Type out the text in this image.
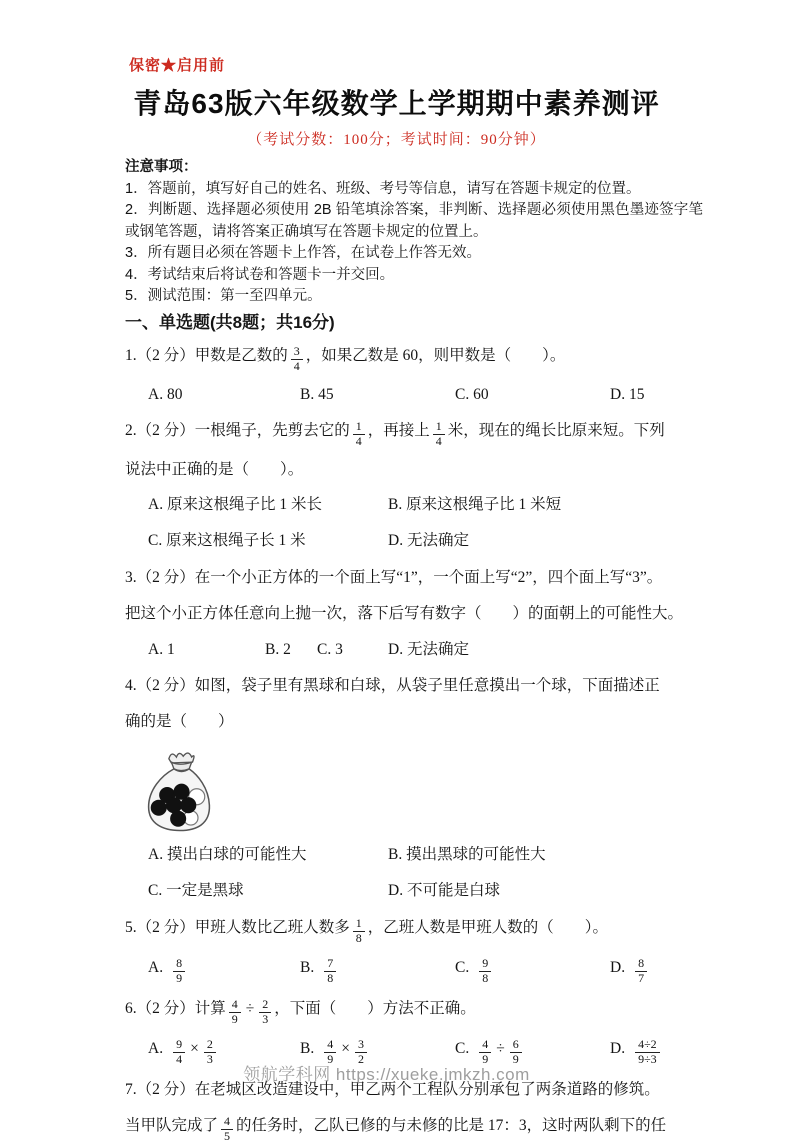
保密★启用前
青岛63版六年级数学上学期期中素养测评
（考试分数：100分；考试时间：90分钟）
注意事项：
1．答题前，填写好自己的姓名、班级、考号等信息，请写在答题卡规定的位置。
2．判断题、选择题必须使用 2B 铅笔填涂答案，非判断、选择题必须使用黑色墨迹签字笔或钢笔答题，请将答案正确填写在答题卡规定的位置上。
3．所有题目必须在答题卡上作答，在试卷上作答无效。
4．考试结束后将试卷和答题卡一并交回。
5．测试范围：第一至四单元。
一、单选题(共8题；共16分)
1.（2 分）甲数是乙数的 $\frac{3}{4}$ ，如果乙数是 60，则甲数是（　　）。
A. 80	B. 45	C. 60	D. 15
2.（2 分）一根绳子，先剪去它的 $\frac{1}{4}$ ，再接上 $\frac{1}{4}$ 米，现在的绳长比原来短。下列
说法中正确的是（　　）。
A. 原来这根绳子比 1 米长	B. 原来这根绳子比 1 米短
C. 原来这根绳子长 1 米	D. 无法确定
3.（2 分）在一个小正方体的一个面上写“1”，一个面上写“2”，四个面上写“3”。
把这个小正方体任意向上抛一次，落下后写有数字（　　）的面朝上的可能性大。
A. 1	B. 2	C. 3	D. 无法确定
4.（2 分）如图，袋子里有黑球和白球，从袋子里任意摸出一个球，下面描述正
确的是（　　）
A. 摸出白球的可能性大	B. 摸出黑球的可能性大
C. 一定是黑球	D. 不可能是白球
5.（2 分）甲班人数比乙班人数多 $\frac{1}{8}$ ，乙班人数是甲班人数的（　　）。
A. $\frac{8}{9}$	B. $\frac{7}{8}$	C. $\frac{9}{8}$	D. $\frac{8}{7}$
6.（2 分）计算 $\frac{4}{9} \div \frac{2}{3}$ ，下面（　　）方法不正确。
A. $\frac{9}{4} \times \frac{2}{3}$	B. $\frac{4}{9} \times \frac{3}{2}$	C. $\frac{4}{9} \div \frac{6}{9}$	D. $\frac{4\div 2}{9\div 3}$
7.（2 分）在老城区改造建设中，甲乙两个工程队分别承包了两条道路的修筑。
当甲队完成了 $\frac{4}{5}$ 的任务时，乙队已修的与未修的比是 17：3，这时两队剩下的任
领航学科网 https://xueke.jmkzh.com
